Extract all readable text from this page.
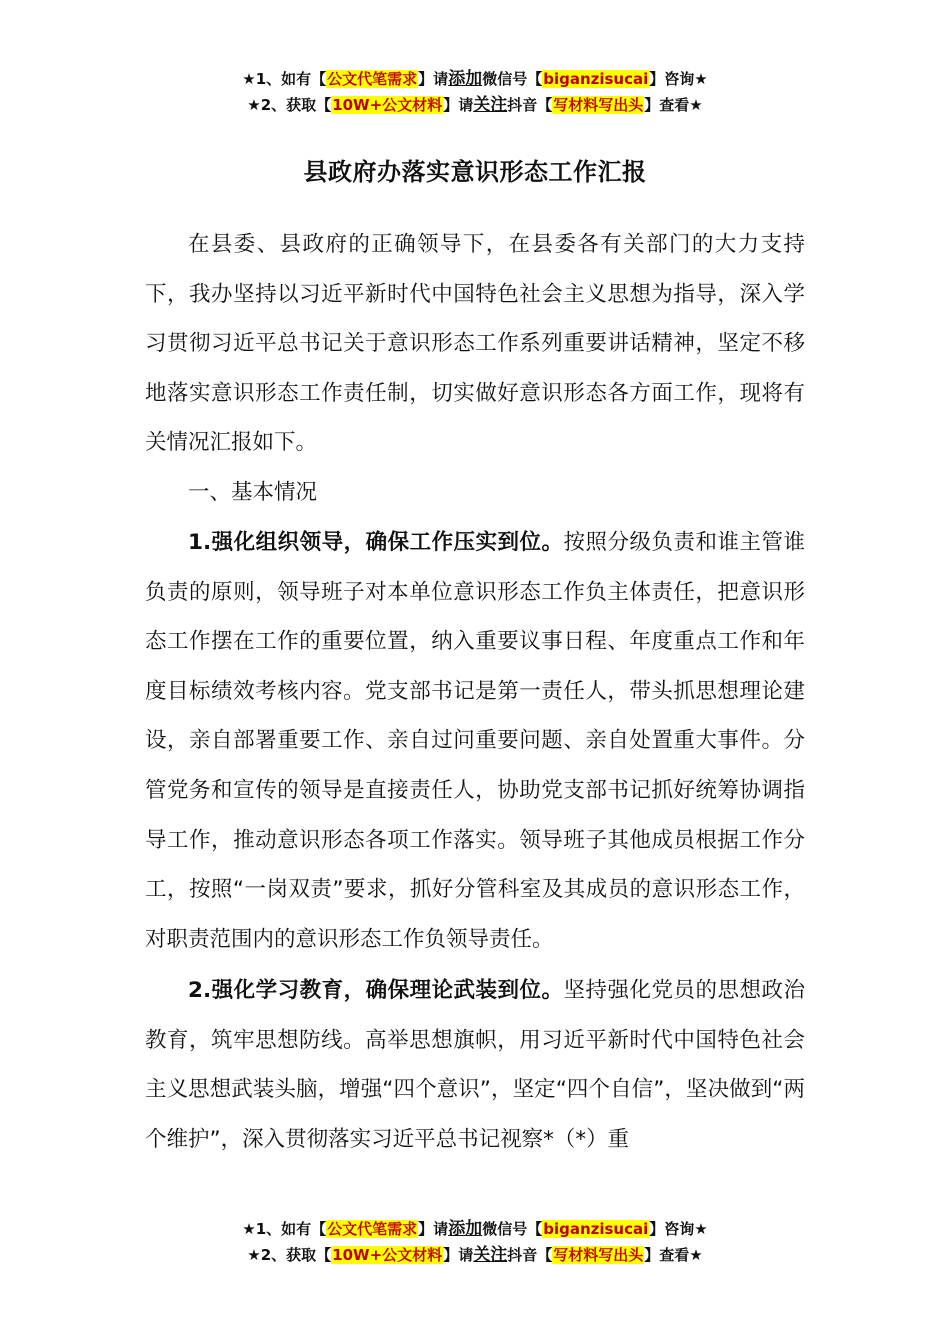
★1、如有【公文代笔需求】请添加微信号【biganzisucai】咨询★
★2、获取【10W+公文材料】请关注抖音【写材料写出头】查看★
县政府办落实意识形态工作汇报

在县委、县政府的正确领导下，在县委各有关部门的大力支持下，我办坚持以习近平新时代中国特色社会主义思想为指导，深入学习贯彻习近平总书记关于意识形态工作系列重要讲话精神，坚定不移地落实意识形态工作责任制，切实做好意识形态各方面工作，现将有关情况汇报如下。

一、基本情况

1.强化组织领导，确保工作压实到位。按照分级负责和谁主管谁负责的原则，领导班子对本单位意识形态工作负主体责任，把意识形态工作摆在工作的重要位置，纳入重要议事日程、年度重点工作和年度目标绩效考核内容。党支部书记是第一责任人，带头抓思想理论建设，亲自部署重要工作、亲自过问重要问题、亲自处置重大事件。分管党务和宣传的领导是直接责任人，协助党支部书记抓好统筹协调指导工作，推动意识形态各项工作落实。领导班子其他成员根据工作分工，按照“一岗双责”要求，抓好分管科室及其成员的意识形态工作，对职责范围内的意识形态工作负领导责任。

2.强化学习教育，确保理论武装到位。坚持强化党员的思想政治教育，筑牢思想防线。高举思想旗帜，用习近平新时代中国特色社会主义思想武装头脑，增强“四个意识”，坚定“四个自信”，坚决做到“两个维护”，深入贯彻落实习近平总书记视察*（*）重

★1、如有【公文代笔需求】请添加微信号【biganzisucai】咨询★
★2、获取【10W+公文材料】请关注抖音【写材料写出头】查看★
